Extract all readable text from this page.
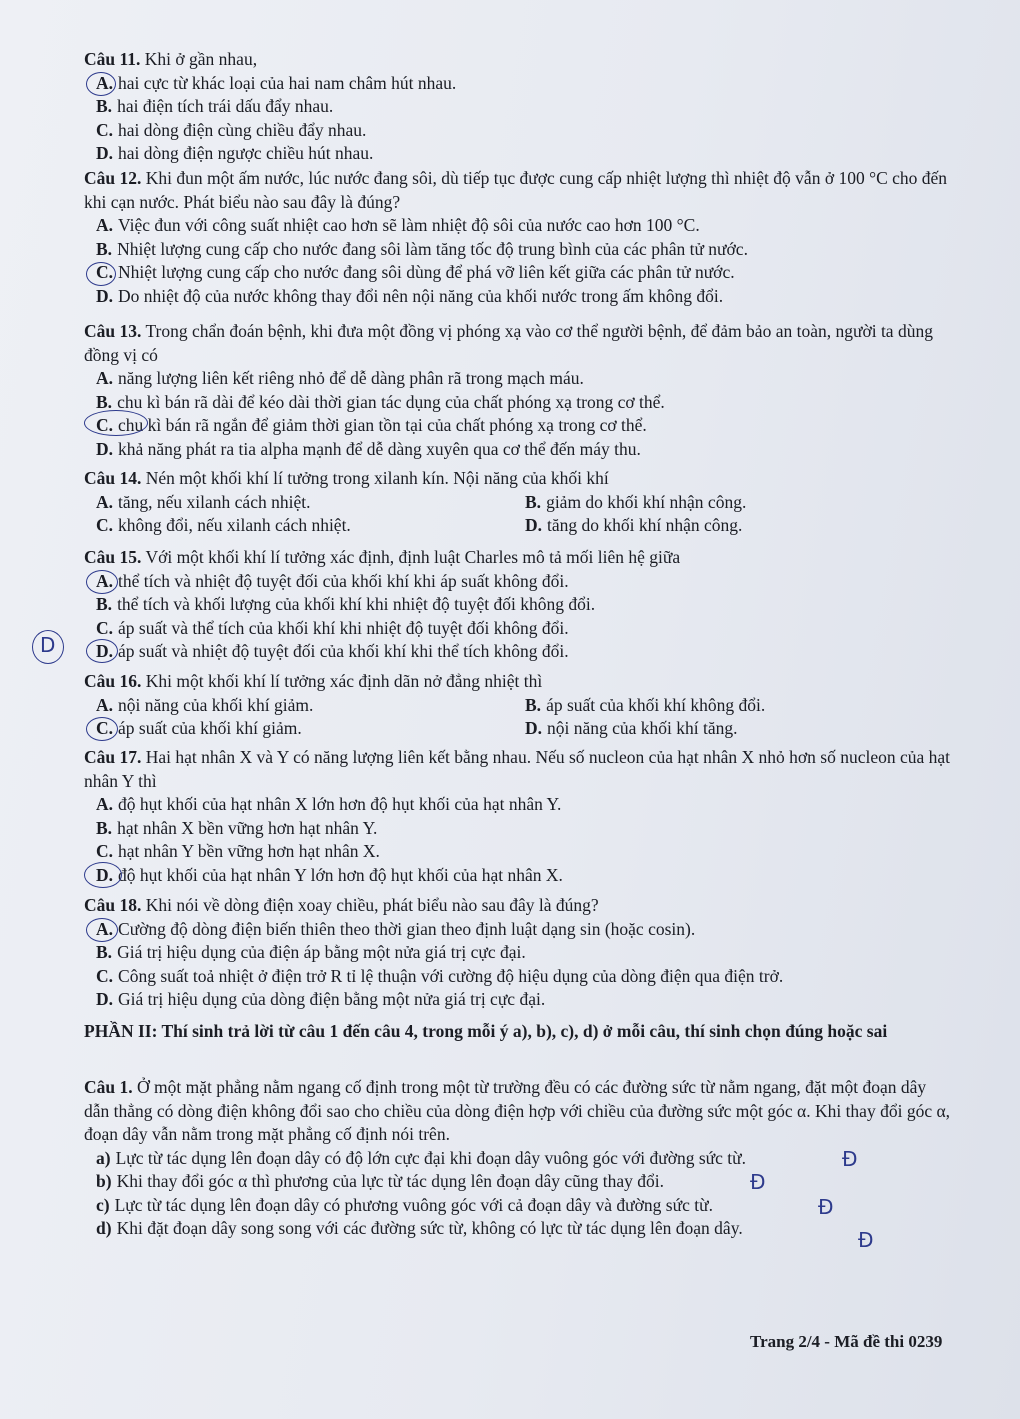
Câu 11. Khi ở gần nhau,

A. hai cực từ khác loại của hai nam châm hút nhau.
B. hai điện tích trái dấu đẩy nhau.
C. hai dòng điện cùng chiều đẩy nhau.
D. hai dòng điện ngược chiều hút nhau.

Câu 12. Khi đun một ấm nước, lúc nước đang sôi, dù tiếp tục được cung cấp nhiệt lượng thì nhiệt độ vẫn ở 100 °C cho đến khi cạn nước. Phát biểu nào sau đây là đúng?

A. Việc đun với công suất nhiệt cao hơn sẽ làm nhiệt độ sôi của nước cao hơn 100 °C.
B. Nhiệt lượng cung cấp cho nước đang sôi làm tăng tốc độ trung bình của các phân tử nước.
C. Nhiệt lượng cung cấp cho nước đang sôi dùng để phá vỡ liên kết giữa các phân tử nước.
D. Do nhiệt độ của nước không thay đổi nên nội năng của khối nước trong ấm không đổi.

Câu 13. Trong chẩn đoán bệnh, khi đưa một đồng vị phóng xạ vào cơ thể người bệnh, để đảm bảo an toàn, người ta dùng đồng vị có

A. năng lượng liên kết riêng nhỏ để dễ dàng phân rã trong mạch máu.
B. chu kì bán rã dài để kéo dài thời gian tác dụng của chất phóng xạ trong cơ thể.
C. chu kì bán rã ngắn để giảm thời gian tồn tại của chất phóng xạ trong cơ thể.
D. khả năng phát ra tia alpha mạnh để dễ dàng xuyên qua cơ thể đến máy thu.

Câu 14. Nén một khối khí lí tưởng trong xilanh kín. Nội năng của khối khí

A. tăng, nếu xilanh cách nhiệt.	B. giảm do khối khí nhận công.
C. không đổi, nếu xilanh cách nhiệt.	D. tăng do khối khí nhận công.

Câu 15. Với một khối khí lí tưởng xác định, định luật Charles mô tả mối liên hệ giữa

A. thể tích và nhiệt độ tuyệt đối của khối khí khi áp suất không đổi.
B. thể tích và khối lượng của khối khí khi nhiệt độ tuyệt đối không đổi.
C. áp suất và thể tích của khối khí khi nhiệt độ tuyệt đối không đổi.
D. áp suất và nhiệt độ tuyệt đối của khối khí khi thể tích không đổi.

Câu 16. Khi một khối khí lí tưởng xác định dãn nở đẳng nhiệt thì

A. nội năng của khối khí giảm.	B. áp suất của khối khí không đổi.
C. áp suất của khối khí giảm.	D. nội năng của khối khí tăng.

Câu 17. Hai hạt nhân X và Y có năng lượng liên kết bằng nhau. Nếu số nucleon của hạt nhân X nhỏ hơn số nucleon của hạt nhân Y thì

A. độ hụt khối của hạt nhân X lớn hơn độ hụt khối của hạt nhân Y.
B. hạt nhân X bền vững hơn hạt nhân Y.
C. hạt nhân Y bền vững hơn hạt nhân X.
D. độ hụt khối của hạt nhân Y lớn hơn độ hụt khối của hạt nhân X.

Câu 18. Khi nói về dòng điện xoay chiều, phát biểu nào sau đây là đúng?

A. Cường độ dòng điện biến thiên theo thời gian theo định luật dạng sin (hoặc cosin).
B. Giá trị hiệu dụng của điện áp bằng một nửa giá trị cực đại.
C. Công suất toả nhiệt ở điện trở R tỉ lệ thuận với cường độ hiệu dụng của dòng điện qua điện trở.
D. Giá trị hiệu dụng của dòng điện bằng một nửa giá trị cực đại.
PHẦN II: Thí sinh trả lời từ câu 1 đến câu 4, trong mỗi ý a), b), c), d) ở mỗi câu, thí sinh chọn đúng hoặc sai

Câu 1. Ở một mặt phẳng nằm ngang cố định trong một từ trường đều có các đường sức từ nằm ngang, đặt một đoạn dây dẫn thẳng có dòng điện không đổi sao cho chiều của dòng điện hợp với chiều của đường sức một góc α. Khi thay đổi góc α, đoạn dây vẫn nằm trong mặt phẳng cố định nói trên.

a) Lực từ tác dụng lên đoạn dây có độ lớn cực đại khi đoạn dây vuông góc với đường sức từ.
b) Khi thay đổi góc α thì phương của lực từ tác dụng lên đoạn dây cũng thay đổi.
c) Lực từ tác dụng lên đoạn dây có phương vuông góc với cả đoạn dây và đường sức từ.
d) Khi đặt đoạn dây song song với các đường sức từ, không có lực từ tác dụng lên đoạn dây.
Trang 2/4 - Mã đề thi 0239
D
Đ
Đ
Đ
Đ
